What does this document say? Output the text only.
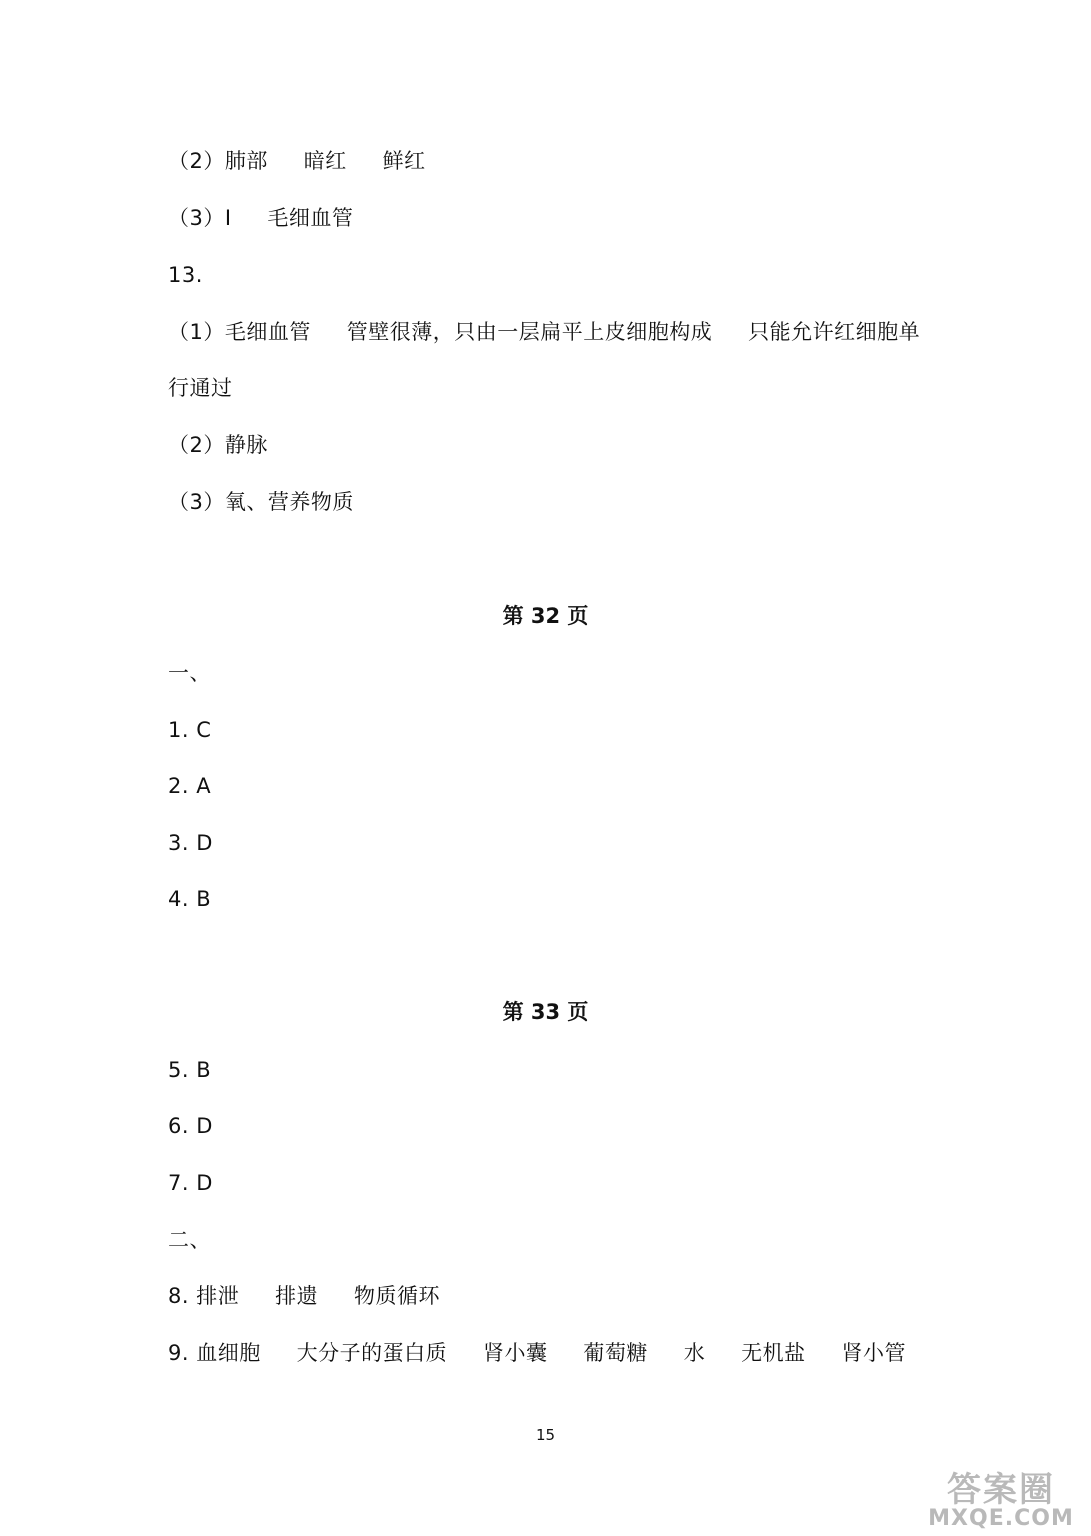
（2）肺部     暗红     鲜红
（3）I     毛细血管
13.
（1）毛细血管     管壁很薄，只由一层扁平上皮细胞构成     只能允许红细胞单
行通过
（2）静脉
（3）氧、营养物质
第 32 页
一、
1. C
2. A
3. D
4. B
第 33 页
5. B
6. D
7. D
二、
8. 排泄     排遗     物质循环
9. 血细胞     大分子的蛋白质     肾小囊     葡萄糖     水     无机盐     肾小管
15
答案圈
MXQE.COM
